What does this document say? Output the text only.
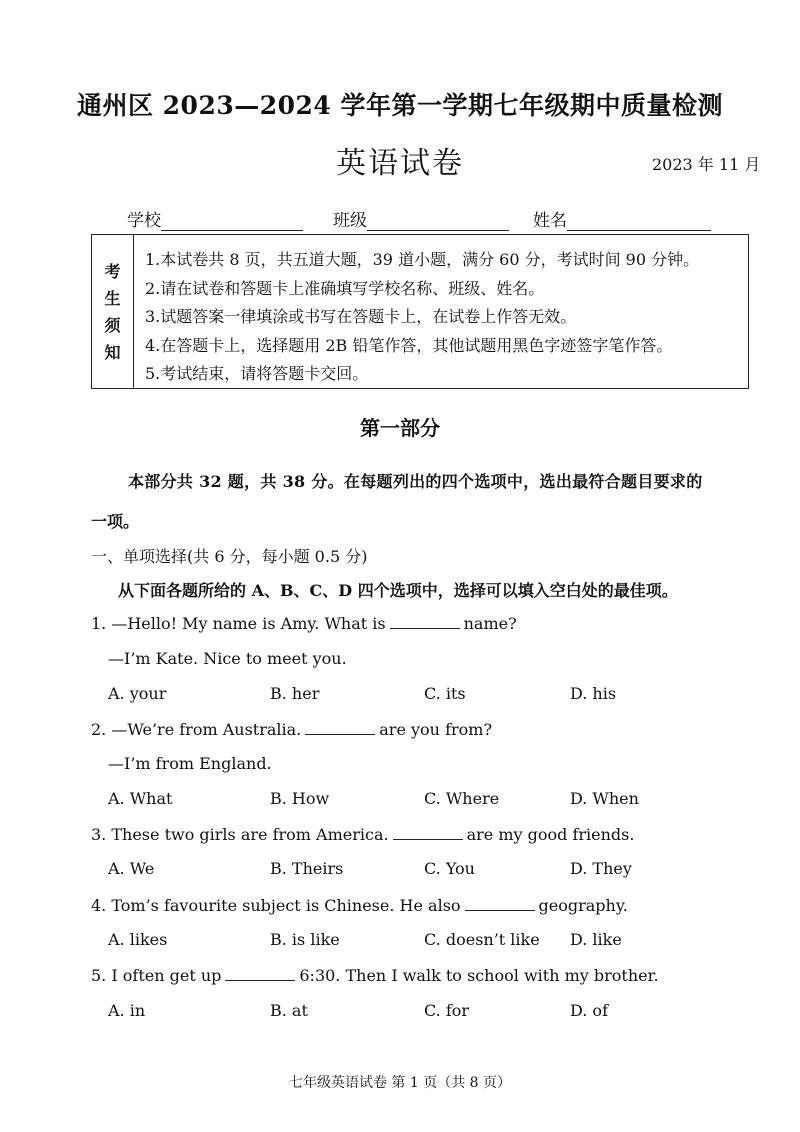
通州区 2023—2024 学年第一学期七年级期中质量检测
英语试卷	2023 年 11 月
学校	班级	姓名
考
生
须
知
1.本试卷共 8 页，共五道大题，39 道小题，满分 60 分，考试时间 90 分钟。
2.请在试卷和答题卡上准确填写学校名称、班级、姓名。
3.试题答案一律填涂或书写在答题卡上，在试卷上作答无效。
4.在答题卡上，选择题用 2B 铅笔作答，其他试题用黑色字迹签字笔作答。
5.考试结束，请将答题卡交回。
第一部分
本部分共 32 题，共 38 分。在每题列出的四个选项中，选出最符合题目要求的
一项。
一、单项选择(共 6 分，每小题 0.5 分)
从下面各题所给的 A、B、C、D 四个选项中，选择可以填入空白处的最佳项。
1. —Hello! My name is Amy. What is	name?
—I’m Kate. Nice to meet you.
A. your	B. her	C. its	D. his
2. —We’re from Australia.	are you from?
—I’m from England.
A. What	B. How	C. Where	D. When
3. These two girls are from America.	are my good friends.
A. We	B. Theirs	C. You	D. They
4. Tom’s favourite subject is Chinese. He also	geography.
A. likes	B. is like	C. doesn’t like D. like
5. I often get up	6:30. Then I walk to school with my brother.
A. in	B. at	C. for	D. of
七年级英语试卷 第 1 页（共 8 页）
